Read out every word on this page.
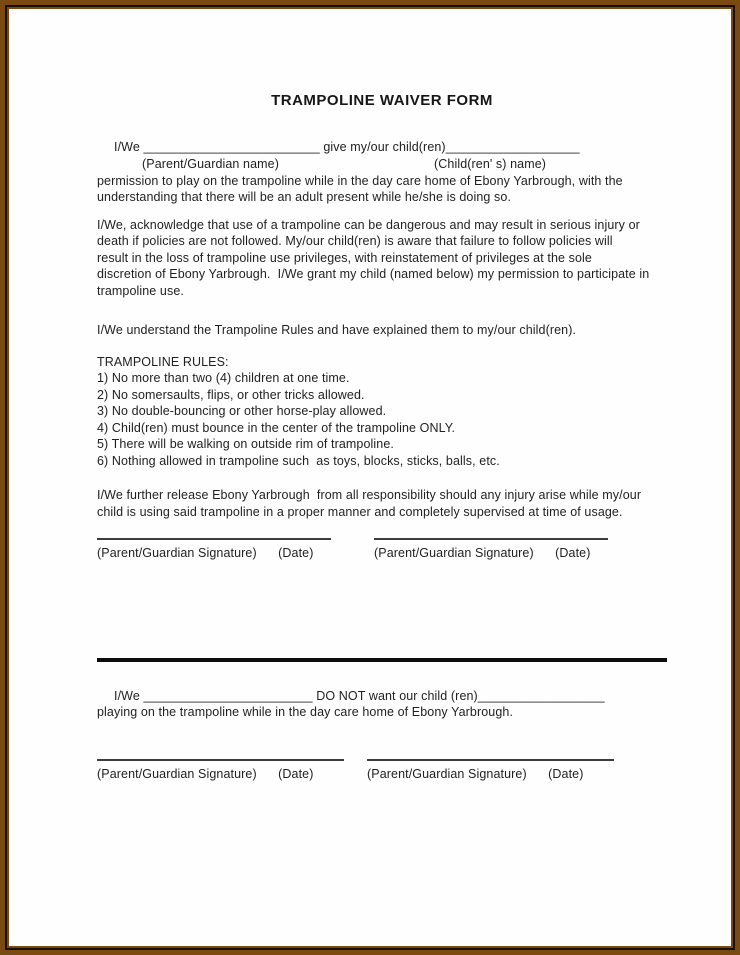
TRAMPOLINE WAIVER FORM
I/We _________________________ give my/our child(ren)___________________
(Parent/Guardian name)	(Child(ren' s) name)
permission to play on the trampoline while in the day care home of Ebony Yarbrough, with the
understanding that there will be an adult present while he/she is doing so.
I/We, acknowledge that use of a trampoline can be dangerous and may result in serious injury or
death if policies are not followed. My/our child(ren) is aware that failure to follow policies will
result in the loss of trampoline use privileges, with reinstatement of privileges at the sole
discretion of Ebony Yarbrough.  I/We grant my child (named below) my permission to participate in
trampoline use.
I/We understand the Trampoline Rules and have explained them to my/our child(ren).
TRAMPOLINE RULES:
1) No more than two (4) children at one time.
2) No somersaults, flips, or other tricks allowed.
3) No double-bouncing or other horse-play allowed.
4) Child(ren) must bounce in the center of the trampoline ONLY.
5) There will be walking on outside rim of trampoline.
6) Nothing allowed in trampoline such  as toys, blocks, sticks, balls, etc.
I/We further release Ebony Yarbrough  from all responsibility should any injury arise while my/our
child is using said trampoline in a proper manner and completely supervised at time of usage.
(Parent/Guardian Signature)      (Date)	(Parent/Guardian Signature)      (Date)
I/We ________________________ DO NOT want our child (ren)__________________
playing on the trampoline while in the day care home of Ebony Yarbrough.
(Parent/Guardian Signature)      (Date)	(Parent/Guardian Signature)      (Date)
